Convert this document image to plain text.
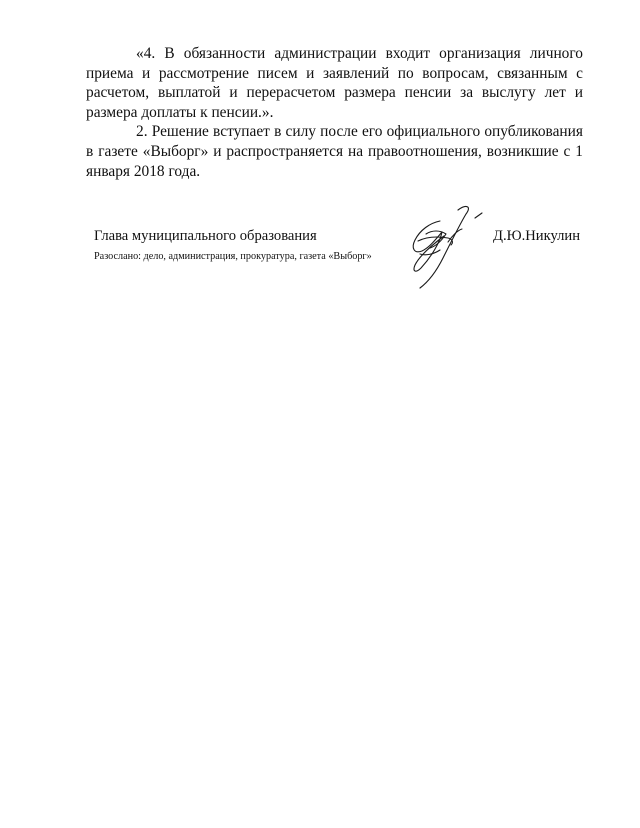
«4. В обязанности администрации входит организация личного приема и рассмотрение писем и заявлений по вопросам, связанным с расчетом, выплатой и перерасчетом размера пенсии за выслугу лет и размера доплаты к пенсии.».

2. Решение вступает в силу после его официального опубликования в газете «Выборг» и распространяется на правоотношения, возникшие с 1 января 2018 года.

Глава муниципального образования	Д.Ю.Никулин
Разослано: дело, администрация, прокуратура, газета «Выборг»
